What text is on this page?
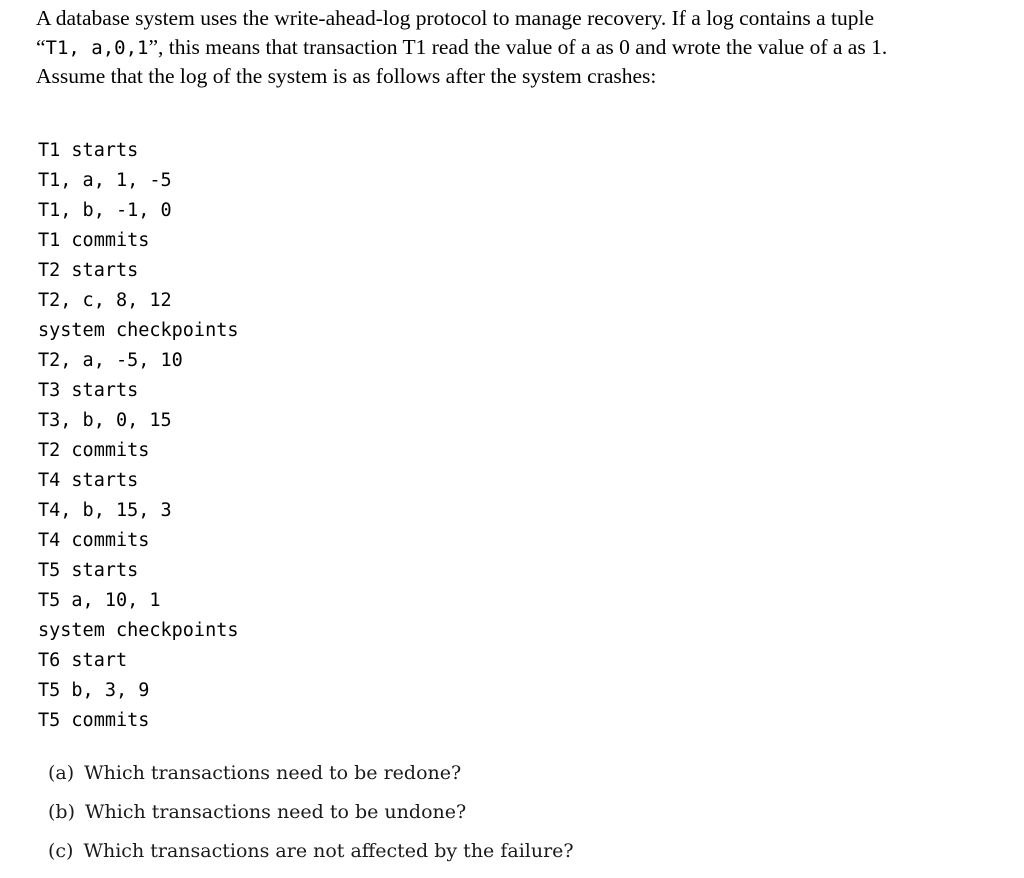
A database system uses the write-ahead-log protocol to manage recovery. If a log contains a tuple

“T1, a,0,1”, this means that transaction T1 read the value of a as 0 and wrote the value of a as 1.

Assume that the log of the system is as follows after the system crashes:

T1 starts
T1, a, 1, -5
T1, b, -1, 0
T1 commits
T2 starts
T2, c, 8, 12
system checkpoints
T2, a, -5, 10
T3 starts
T3, b, 0, 15
T2 commits
T4 starts
T4, b, 15, 3
T4 commits
T5 starts
T5 a, 10, 1
system checkpoints
T6 start
T5 b, 3, 9
T5 commits
(a) Which transactions need to be redone?
(b) Which transactions need to be undone?
(c) Which transactions are not affected by the failure?
